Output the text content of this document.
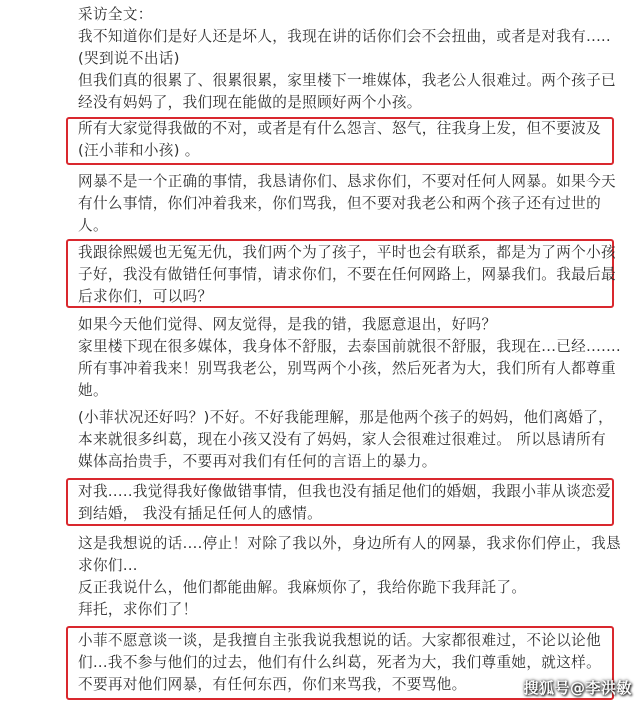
采访全文：

我不知道你们是好人还是坏人，我现在讲的话你们会不会扭曲，或者是对我有.....

(哭到说不出话)

但我们真的很累了、很累很累，家里楼下一堆媒体，我老公人很难过。两个孩子已

经没有妈妈了，我们现在能做的是照顾好两个小孩。

所有大家觉得我做的不对，或者是有什么怨言、怒气，往我身上发，但不要波及

(汪小菲和小孩) 。

网暴不是一个正确的事情，我恳请你们、恳求你们，不要对任何人网暴。如果今天

有什么事情，你们冲着我来，你们骂我，但不要对我老公和两个孩子还有过世的

人。

我跟徐熙媛也无冤无仇，我们两个为了孩子，平时也会有联系，都是为了两个小孩

子好，我没有做错任何事情，请求你们，不要在任何网路上，网暴我们。我最后最

后求你们，可以吗？

如果今天他们觉得、网友觉得，是我的错，我愿意退出，好吗？

家里楼下现在很多媒体，我身体不舒服，去泰国前就很不舒服，我现在...已经.......

所有事冲着我来！别骂我老公，别骂两个小孩，然后死者为大，我们所有人都尊重

她。

(小菲状况还好吗？)不好。不好我能理解，那是他两个孩子的妈妈，他们离婚了，

本来就很多纠葛，现在小孩又没有了妈妈，家人会很难过很难过。 所以恳请所有

媒体高抬贵手，不要再对我们有任何的言语上的暴力。

对我.....我觉得我好像做错事情，但我也没有插足他们的婚姻，我跟小菲从谈恋爱

到结婚， 我没有插足任何人的感情。

这是我想说的话....停止！对除了我以外，身边所有人的网暴，我求你们停止，我恳

求你们...

反正我说什么，他们都能曲解。我麻烦你了，我给你跪下我拜託了。

拜托，求你们了！

小菲不愿意谈一谈，是我擅自主张我说我想说的话。大家都很难过，不论以论他

们...我不参与他们的过去，他们有什么纠葛，死者为大，我们尊重她，就这样。

不要再对他们网暴，有任何东西，你们来骂我，不要骂他。	搜狐号@李洪敏
